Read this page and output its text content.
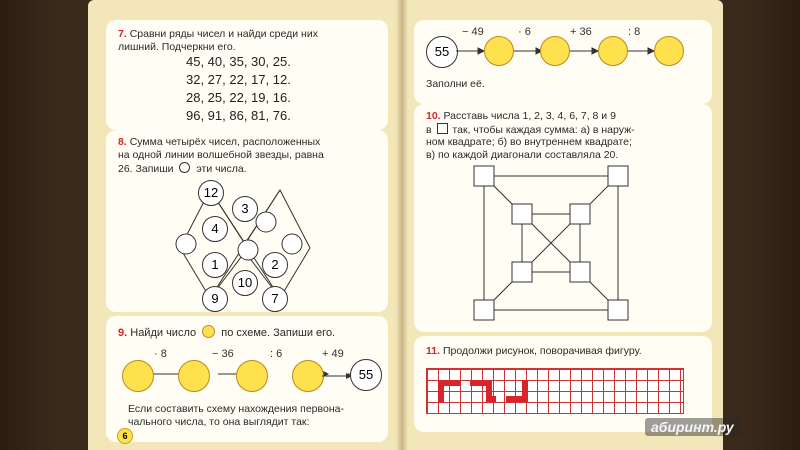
7. Сравни ряды чисел и найди среди них
лишний. Подчеркни его.
45, 40, 35, 30, 25.
32, 27, 22, 17, 12.
28, 25, 22, 19, 16.
96, 91, 86, 81, 76.
8. Сумма четырёх чисел, расположенных
на одной линии волшебной звезды, равна
26. Запиши эти числа.
12
3
4
1	2
10
9	7
9. Найди число по схеме. Запиши его.
55
· 8	− 36	: 6	+ 49
Если составить схему нахождения первона-
чального числа, то она выглядит так:
6
55
− 49	· 6	+ 36	: 8
Заполни её.
10. Расставь числа 1, 2, 3, 4, 6, 7, 8 и 9
в так, чтобы каждая сумма: а) в наруж-
ном квадрате; б) во внутреннем квадрате;
в) по каждой диагонали составляла 20.
11. Продолжи рисунок, поворачивая фигуру.
абиринт.ру
